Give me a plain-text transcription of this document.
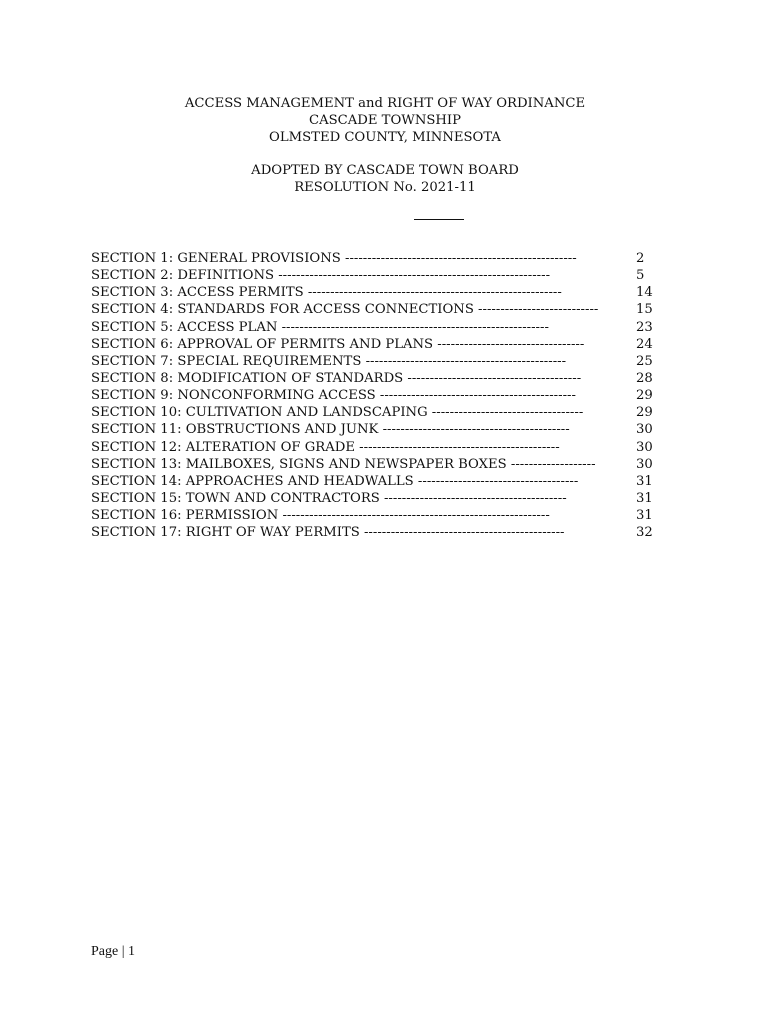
ACCESS MANAGEMENT and RIGHT OF WAY ORDINANCE
CASCADE TOWNSHIP
OLMSTED COUNTY, MINNESOTA
ADOPTED BY CASCADE TOWN BOARD
RESOLUTION No. 2021-11
SECTION 1: GENERAL PROVISIONS ----------------------------------------------------	2
SECTION 2: DEFINITIONS -------------------------------------------------------------	5
SECTION 3: ACCESS PERMITS ---------------------------------------------------------	14
SECTION 4: STANDARDS FOR ACCESS CONNECTIONS ---------------------------	15
SECTION 5: ACCESS PLAN ------------------------------------------------------------	23
SECTION 6: APPROVAL OF PERMITS AND PLANS ---------------------------------	24
SECTION 7: SPECIAL REQUIREMENTS ---------------------------------------------	25
SECTION 8: MODIFICATION OF STANDARDS ---------------------------------------	28
SECTION 9: NONCONFORMING ACCESS --------------------------------------------	29
SECTION 10: CULTIVATION AND LANDSCAPING ----------------------------------	29
SECTION 11: OBSTRUCTIONS AND JUNK ------------------------------------------	30
SECTION 12: ALTERATION OF GRADE ---------------------------------------------	30
SECTION 13: MAILBOXES, SIGNS AND NEWSPAPER BOXES -------------------	30
SECTION 14: APPROACHES AND HEADWALLS ------------------------------------	31
SECTION 15: TOWN AND CONTRACTORS -----------------------------------------	31
SECTION 16: PERMISSION ------------------------------------------------------------	31
SECTION 17: RIGHT OF WAY PERMITS ---------------------------------------------	32
Page | 1
